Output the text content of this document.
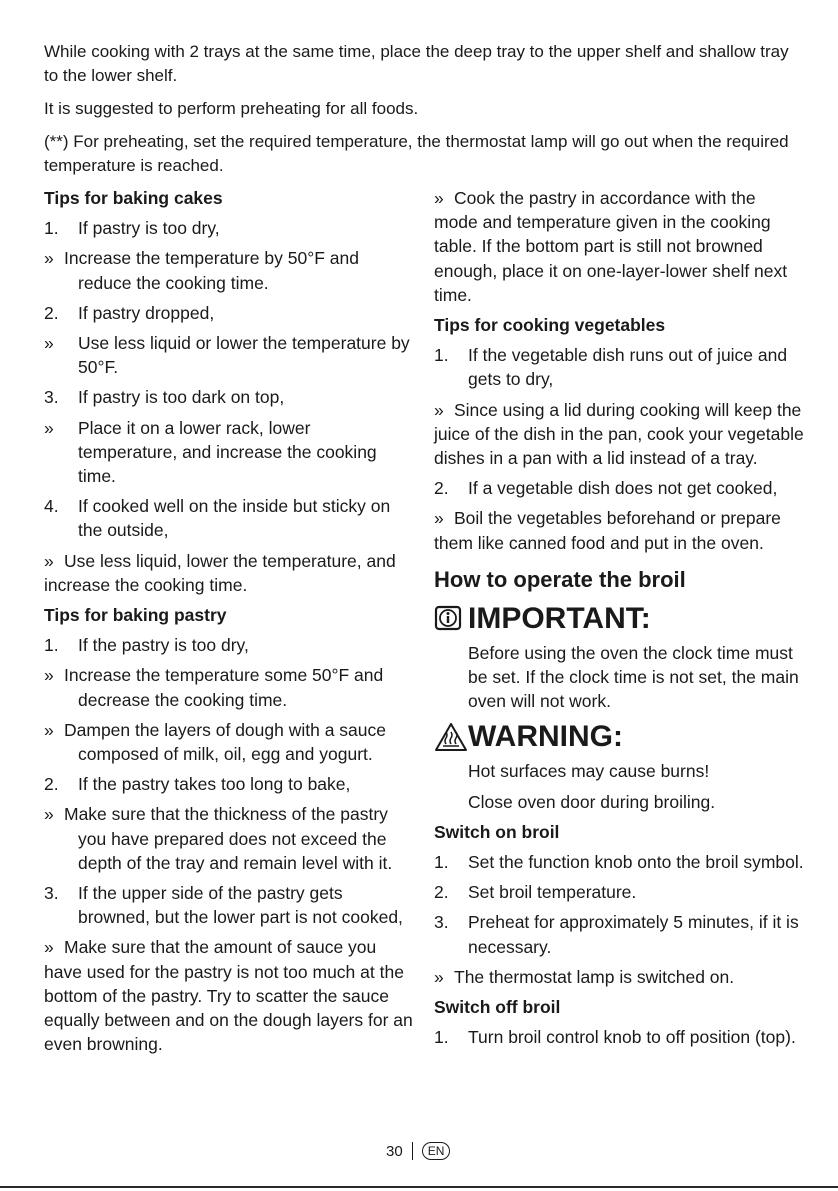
While cooking with 2 trays at the same time, place the deep tray to the upper shelf and shallow tray to the lower shelf.

It is suggested to perform preheating for all foods.

(**) For preheating, set the required temperature, the thermostat lamp will go out when the required temperature is reached.

Tips for baking cakes
1.	If pastry is too dry,
» Increase the temperature by 50°F and reduce the cooking time.
2.	If pastry dropped,
»	Use less liquid or lower the temperature by 50°F.
3.	If pastry is too dark on top,
»	Place it on a lower rack, lower temperature, and increase the cooking time.
4.	If cooked well on the inside but sticky on the outside,
» Use less liquid, lower the temperature, and increase the cooking time.
Tips for baking pastry
1.	If the pastry is too dry,
» Increase the temperature some 50°F and decrease the cooking time.
» Dampen the layers of dough with a sauce composed of milk, oil, egg and yogurt.
2.	If the pastry takes too long to bake,
» Make sure that the thickness of the pastry you have prepared does not exceed the depth of the tray and remain level with it.
3.	If the upper side of the pastry gets browned, but the lower part is not cooked,
» Make sure that the amount of sauce you have used for the pastry is not too much at the bottom of the pastry. Try to scatter the sauce equally between and on the dough layers for an even browning.
» Cook the pastry in accordance with the mode and temperature given in the cooking table. If the bottom part is still not browned enough, place it on one-layer-lower shelf next time.
Tips for cooking vegetables
1.	If the vegetable dish runs out of juice and gets to dry,
» Since using a lid during cooking will keep the juice of the dish in the pan, cook your vegetable dishes in a pan with a lid instead of a tray.
2.	If a vegetable dish does not get cooked,
» Boil the vegetables beforehand or prepare them like canned food and put in the oven.
How to operate the broil
IMPORTANT:
Before using the oven the clock time must be set. If the clock time is not set, the main oven will not work.
WARNING:
Hot surfaces may cause burns!
Close oven door during broiling.
Switch on broil
1.	Set the function knob onto the broil symbol.
2.	Set broil temperature.
3.	Preheat for approximately 5 minutes, if it is necessary.
» The thermostat lamp is switched on.
Switch off broil
1.	Turn broil control knob to off position (top).
30	EN
